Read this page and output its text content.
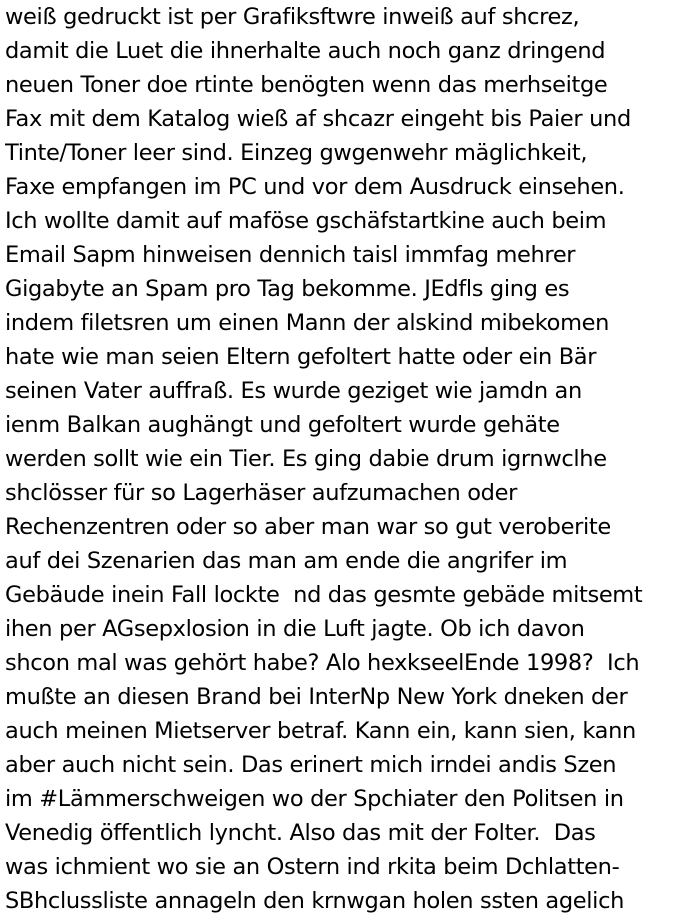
weiß gedruckt ist per Grafiksftwre inweiß auf shcrez,
damit die Luet die ihnerhalte auch noch ganz dringend
neuen Toner doe rtinte benögten wenn das merhseitge
Fax mit dem Katalog wieß af shcazr eingeht bis Paier und
Tinte/Toner leer sind. Einzeg gwgenwehr mäglichkeit,
Faxe empfangen im PC und vor dem Ausdruck einsehen.
Ich wollte damit auf maföse gschäfstartkine auch beim
Email Sapm hinweisen dennich taisl immfag mehrer
Gigabyte an Spam pro Tag bekomme. JEdfls ging es
indem filetsren um einen Mann der alskind mibekomen
hate wie man seien Eltern gefoltert hatte oder ein Bär
seinen Vater auffraß. Es wurde geziget wie jamdn an
ienm Balkan aughängt und gefoltert wurde gehäte
werden sollt wie ein Tier. Es ging dabie drum igrnwclhe
shclösser für so Lagerhäser aufzumachen oder
Rechenzentren oder so aber man war so gut veroberite
auf dei Szenarien das man am ende die angrifer im
Gebäude inein Fall lockte  nd das gesmte gebäde mitsemt
ihen per AGsepxlosion in die Luft jagte. Ob ich davon
shcon mal was gehört habe? Alo hexkseelEnde 1998?  Ich
mußte an diesen Brand bei InterNp New York dneken der
auch meinen Mietserver betraf. Kann ein, kann sien, kann
aber auch nicht sein. Das erinert mich irndei andis Szen
im #Lämmerschweigen wo der Spchiater den Politsen in
Venedig öffentlich lyncht. Also das mit der Folter.  Das
was ichmient wo sie an Ostern ind rkita beim Dchlatten-
SBhclussliste annageln den krnwgan holen ssten agelich
